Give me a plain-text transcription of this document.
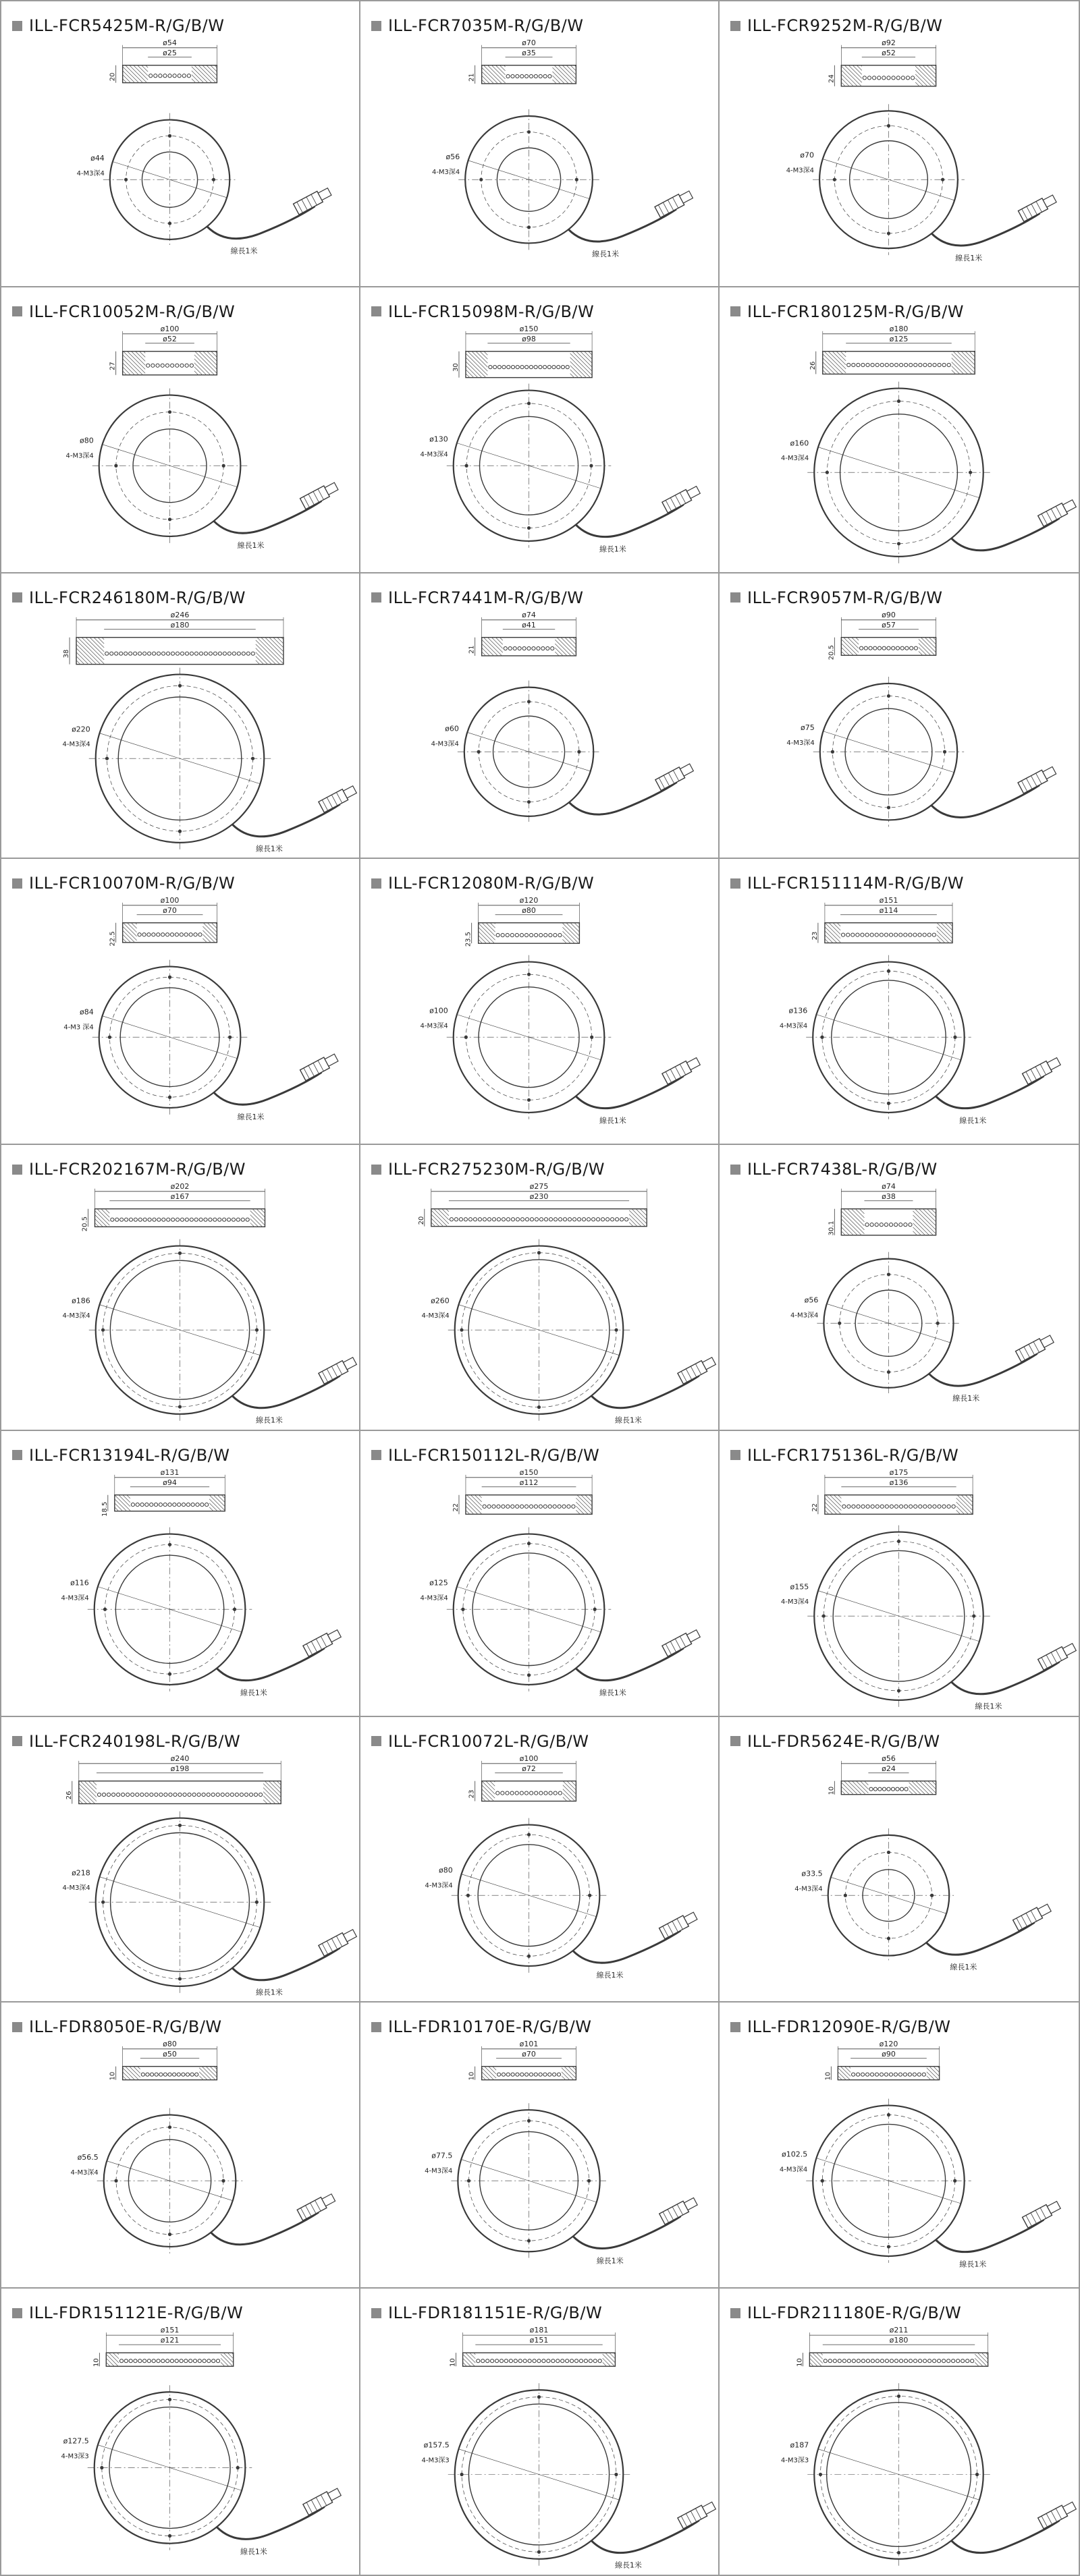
ILL-FCR5425M-R/G/B/W
ø54
ø25
20
ø44
4-M3深4
線長1米
ILL-FCR7035M-R/G/B/W
ø70
ø35
21
ø56
4-M3深4
線長1米
ILL-FCR9252M-R/G/B/W
ø92
ø52
24
ø70
4-M3深4
線長1米
ILL-FCR10052M-R/G/B/W
ø100
ø52
27
ø80
4-M3深4
線長1米
ILL-FCR15098M-R/G/B/W
ø150
ø98
30
ø130
4-M3深4
線長1米
ILL-FCR180125M-R/G/B/W
ø180
ø125
26
ø160
4-M3深4
ILL-FCR246180M-R/G/B/W
ø246
ø180
38
ø220
4-M3深4
線長1米
ILL-FCR7441M-R/G/B/W
ø74
ø41
21
ø60
4-M3深4
ILL-FCR9057M-R/G/B/W
ø90
ø57
20.5
ø75
4-M3深4
ILL-FCR10070M-R/G/B/W
ø100
ø70
22.5
ø84
4-M3 深4
線長1米
ILL-FCR12080M-R/G/B/W
ø120
ø80
23.5
ø100
4-M3深4
線長1米
ILL-FCR151114M-R/G/B/W
ø151
ø114
23
ø136
4-M3深4
線長1米
ILL-FCR202167M-R/G/B/W
ø202
ø167
20.5
ø186
4-M3深4
線長1米
ILL-FCR275230M-R/G/B/W
ø275
ø230
20
ø260
4-M3深4
線長1米
ILL-FCR7438L-R/G/B/W
ø74
ø38
30.1
ø56
4-M3深4
線長1米
ILL-FCR13194L-R/G/B/W
ø131
ø94
18.5
ø116
4-M3深4
線長1米
ILL-FCR150112L-R/G/B/W
ø150
ø112
22
ø125
4-M3深4
線長1米
ILL-FCR175136L-R/G/B/W
ø175
ø136
22
ø155
4-M3深4
線長1米
ILL-FCR240198L-R/G/B/W
ø240
ø198
26
ø218
4-M3深4
線長1米
ILL-FCR10072L-R/G/B/W
ø100
ø72
23
ø80
4-M3深4
線長1米
ILL-FDR5624E-R/G/B/W
ø56
ø24
10
ø33.5
4-M3深4
線長1米
ILL-FDR8050E-R/G/B/W
ø80
ø50
10
ø56.5
4-M3深4
ILL-FDR10170E-R/G/B/W
ø101
ø70
10
ø77.5
4-M3深4
線長1米
ILL-FDR12090E-R/G/B/W
ø120
ø90
10
ø102.5
4-M3深4
線長1米
ILL-FDR151121E-R/G/B/W
ø151
ø121
10
ø127.5
4-M3深3
線長1米
ILL-FDR181151E-R/G/B/W
ø181
ø151
10
ø157.5
4-M3深3
線長1米
ILL-FDR211180E-R/G/B/W
ø211
ø180
10
ø187
4-M3深3
